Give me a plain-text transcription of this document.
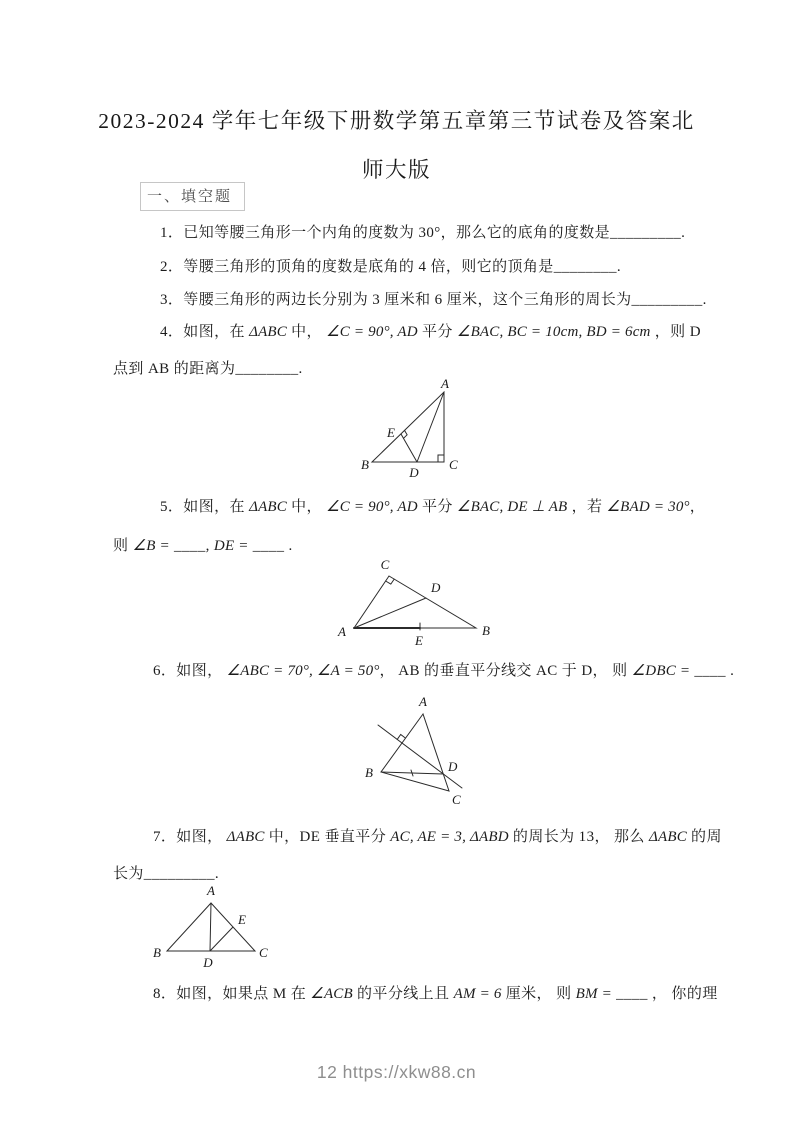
2023-2024 学年七年级下册数学第五章第三节试卷及答案北
师大版
一、填空题
1．已知等腰三角形一个内角的度数为 30°，那么它的底角的度数是_________.
2．等腰三角形的顶角的度数是底角的 4 倍，则它的顶角是________.
3．等腰三角形的两边长分别为 3 厘米和 6 厘米，这个三角形的周长为_________.
4．如图，在 ΔABC 中， ∠C = 90°, AD 平分 ∠BAC, BC = 10cm, BD = 6cm ，则 D
点到 AB 的距离为________.
A
B	C
D
E
5．如图，在 ΔABC 中， ∠C = 90°, AD 平分 ∠BAC, DE ⊥ AB ，若 ∠BAD = 30°，
则 ∠B = ____, DE = ____ .
C
D
A	B
E
6．如图， ∠ABC = 70°, ∠A = 50°， AB 的垂直平分线交 AC 于 D， 则 ∠DBC = ____ .
A
B
C
D
7．如图， ΔABC 中，DE 垂直平分 AC, AE = 3, ΔABD 的周长为 13， 那么 ΔABC 的周
长为_________.
A
B	C
D
E
8．如图，如果点 M 在 ∠ACB 的平分线上且 AM = 6 厘米， 则 BM = ____ ， 你的理
12 https://xkw88.cn
